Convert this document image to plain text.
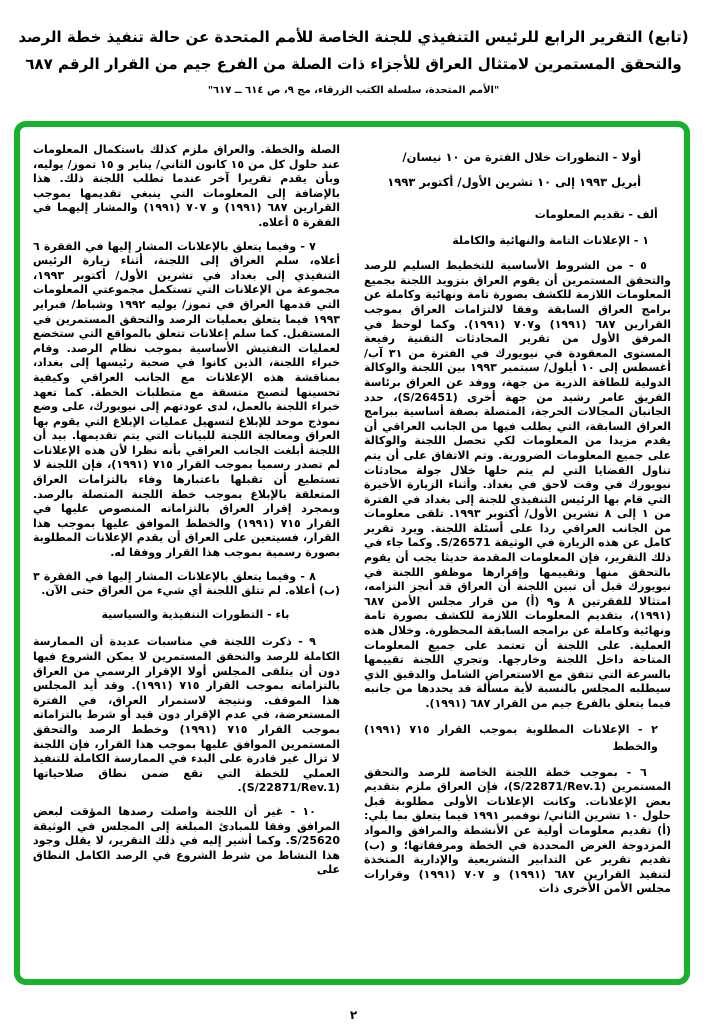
(تابع) التقرير الرابع للرئيس التنفيذي للجنة الخاصة للأمم المتحدة عن حالة تنفيذ خطة الرصد
والتحقق المستمرين لامتثال العراق للأجزاء ذات الصلة من الفرع جيم من القرار الرقم ٦٨٧
"الأمم المتحدة، سلسلة الكتب الزرقاء، مج ٩، ص ٦١٤ ــ ٦١٧"
أولا - التطورات خلال الفترة من ١٠ نيسان/ أبريل ١٩٩٣ إلى ١٠ تشرين الأول/ أكتوبر ١٩٩٣
ألف - تقديم المعلومات
١ - الإعلانات التامة والنهائية والكاملة

٥ - من الشروط الأساسية للتخطيط السليم للرصد والتحقق المستمرين أن يقوم العراق بتزويد اللجنة بجميع المعلومات اللازمة للكشف بصورة تامة ونهائية وكاملة عن برامج العراق السابقة وفقا لالتزامات العراق بموجب القرارين ٦٨٧ (١٩٩١) و٧٠٧ (١٩٩١). وكما لوحظ في المرفق الأول من تقرير المحادثات التقنية رفيعة المستوى المعقودة في نيويورك في الفترة من ٣١ آب/ أغسطس إلى ١٠ أيلول/ سبتمبر ١٩٩٣ بين اللجنة والوكالة الدولية للطاقة الذرية من جهة، ووفد عن العراق برئاسة الفريق عامر رشيد من جهة أخرى (S/26451)، حدد الجانبان المجالات الحرجة، المتصلة بصفة أساسية ببرامج العراق السابقة، التي يطلب فيها من الجانب العراقي أن يقدم مزيدا من المعلومات لكي تحصل اللجنة والوكالة على جميع المعلومات الضرورية. وتم الاتفاق على أن يتم تناول القضايا التي لم يتم حلها خلال جولة محادثات نيويورك في وقت لاحق في بغداد. وأثناء الزيارة الأخيرة التي قام بها الرئيس التنفيذي للجنة إلى بغداد في الفترة من ١ إلى ٨ تشرين الأول/ أكتوبر ١٩٩٣. تلقى معلومات من الجانب العراقي ردا على أسئلة اللجنة. ويرد تقرير كامل عن هذه الزيارة في الوثيقة S/26571. وكما جاء في ذلك التقرير، فإن المعلومات المقدمة حديثا يجب أن يقوم بالتحقق منها وتقييمها وإقرارها موظفو اللجنة في نيويورك قبل أن تبين اللجنة أن العراق قد أنجز التزامه، امتثالا للفقرتين ٨ و٩ (أ) من قرار مجلس الأمن ٦٨٧ (١٩٩١)، بتقديم المعلومات اللازمة للكشف بصورة تامة ونهائية وكاملة عن برامجه السابقة المحظورة. وخلال هذه العملية. على اللجنة أن تعتمد على جميع المعلومات المتاحة داخل اللجنة وخارجها. وتجري اللجنة تقييمها بالسرعة التي تتفق مع الاستعراض الشامل والدقيق الذي سيطلبه المجلس بالنسبة لأية مسألة قد يحددها من جانبه فيما يتعلق بالفرع جيم من القرار ٦٨٧ (١٩٩١).

٢ - الإعلانات المطلوبة بموجب القرار ٧١٥ (١٩٩١) والخطط

٦ - بموجب خطة اللجنة الخاصة للرصد والتحقق المستمرين (S/22871/Rev.1)، فإن العراق ملزم بتقديم بعض الإعلانات. وكانت الإعلانات الأولى مطلوبة قبل حلول ١٠ تشرين الثاني/ نوفمبر ١٩٩١ فيما يتعلق بما يلي: (أ) تقديم معلومات أولية عن الأنشطة والمرافق والمواد المزدوجة الغرض المحددة في الخطة ومرفقاتها؛ و (ب) تقديم تقرير عن التدابير التشريعية والإدارية المتخذة لتنفيذ القرارين ٦٨٧ (١٩٩١) و ٧٠٧ (١٩٩١) وقرارات مجلس الأمن الأخرى ذات

الصلة والخطة. والعراق ملزم كذلك باستكمال المعلومات عند حلول كل من ١٥ كانون الثاني/ يناير و ١٥ تموز/ يوليه، وبأن يقدم تقريرا آخر عندما تطلب اللجنة ذلك. هذا بالإضافة إلى المعلومات التي ينبغي تقديمها بموجب القرارين ٦٨٧ (١٩٩١) و ٧٠٧ (١٩٩١) والمشار إليهما في الفقرة ٥ أعلاه.

٧ - وفيما يتعلق بالإعلانات المشار إليها في الفقرة ٦ أعلاه، سلم العراق إلى اللجنة، أثناء زيارة الرئيس التنفيذي إلى بغداد في تشرين الأول/ أكتوبر ١٩٩٣، مجموعة من الإعلانات التي تستكمل مجموعتي المعلومات التي قدمها العراق في تموز/ يوليه ١٩٩٢ وشباط/ فبراير ١٩٩٣ فيما يتعلق بعمليات الرصد والتحقق المستمرين في المستقبل. كما سلم إعلانات تتعلق بالمواقع التي ستخضع لعمليات التفتيش الأساسية بموجب نظام الرصد. وقام خبراء اللجنة، الذين كانوا في صحبة رئيسها إلى بغداد، بمناقشة هذه الإعلانات مع الجانب العراقي وكيفية تحسينها لتصبح متسقة مع متطلبات الخطة. كما تعهد خبراء اللجنة بالعمل، لدى عودتهم إلى نيويورك، على وضع نموذج موحد للإبلاغ لتسهيل عمليات الإبلاغ التي يقوم بها العراق ومعالجة اللجنة للبيانات التي يتم تقديمها. بيد أن اللجنة أبلغت الجانب العراقي بأنه نظرا لأن هذه الإعلانات لم تصدر رسميا بموجب القرار ٧١٥ (١٩٩١)، فإن اللجنة لا تستطيع أن تقبلها باعتبارها وفاء بالتزامات العراق المتعلقة بالإبلاغ بموجب خطة اللجنة المتصلة بالرصد. وبمجرد إقرار العراق بالتزاماته المنصوص عليها في القرار ٧١٥ (١٩٩١) والخطط الموافق عليها بموجب هذا القرار، فسيتعين على العراق أن يقدم الإعلانات المطلوبة بصورة رسمية بموجب هذا القرار ووفقا له.

٨ - وفيما يتعلق بالإعلانات المشار إليها في الفقرة ٣ (ب) أعلاه. لم تتلق اللجنة أي شيء من العراق حتى الآن.

باء - التطورات التنفيذية والسياسية

٩ - ذكرت اللجنة في مناسبات عديدة أن الممارسة الكاملة للرصد والتحقق المستمرين لا يمكن الشروع فيها دون أن يتلقى المجلس أولا الإقرار الرسمي من العراق بالتزاماته بموجب القرار ٧١٥ (١٩٩١). وقد أيد المجلس هذا الموقف. ونتيجة لاستمرار العراق، في الفترة المستعرضة، في عدم الإقرار دون قيد أو شرط بالتزاماته بموجب القرار ٧١٥ (١٩٩١) وخطط الرصد والتحقق المستمرين الموافق عليها بموجب هذا القرار، فإن اللجنة لا تزال غير قادرة على البدء في الممارسة الكاملة للتنفيذ العملي للخطة التي تقع ضمن نطاق صلاحياتها (S/22871/Rev.1).

١٠ - غير أن اللجنة واصلت رصدها المؤقت لبعض المرافق وفقا للمبادئ المبلغة إلى المجلس في الوثيقة S/25620. وكما أشير إليه في ذلك التقرير، لا يقلل وجود هذا النشاط من شرط الشروع في الرصد الكامل النطاق على

٢
